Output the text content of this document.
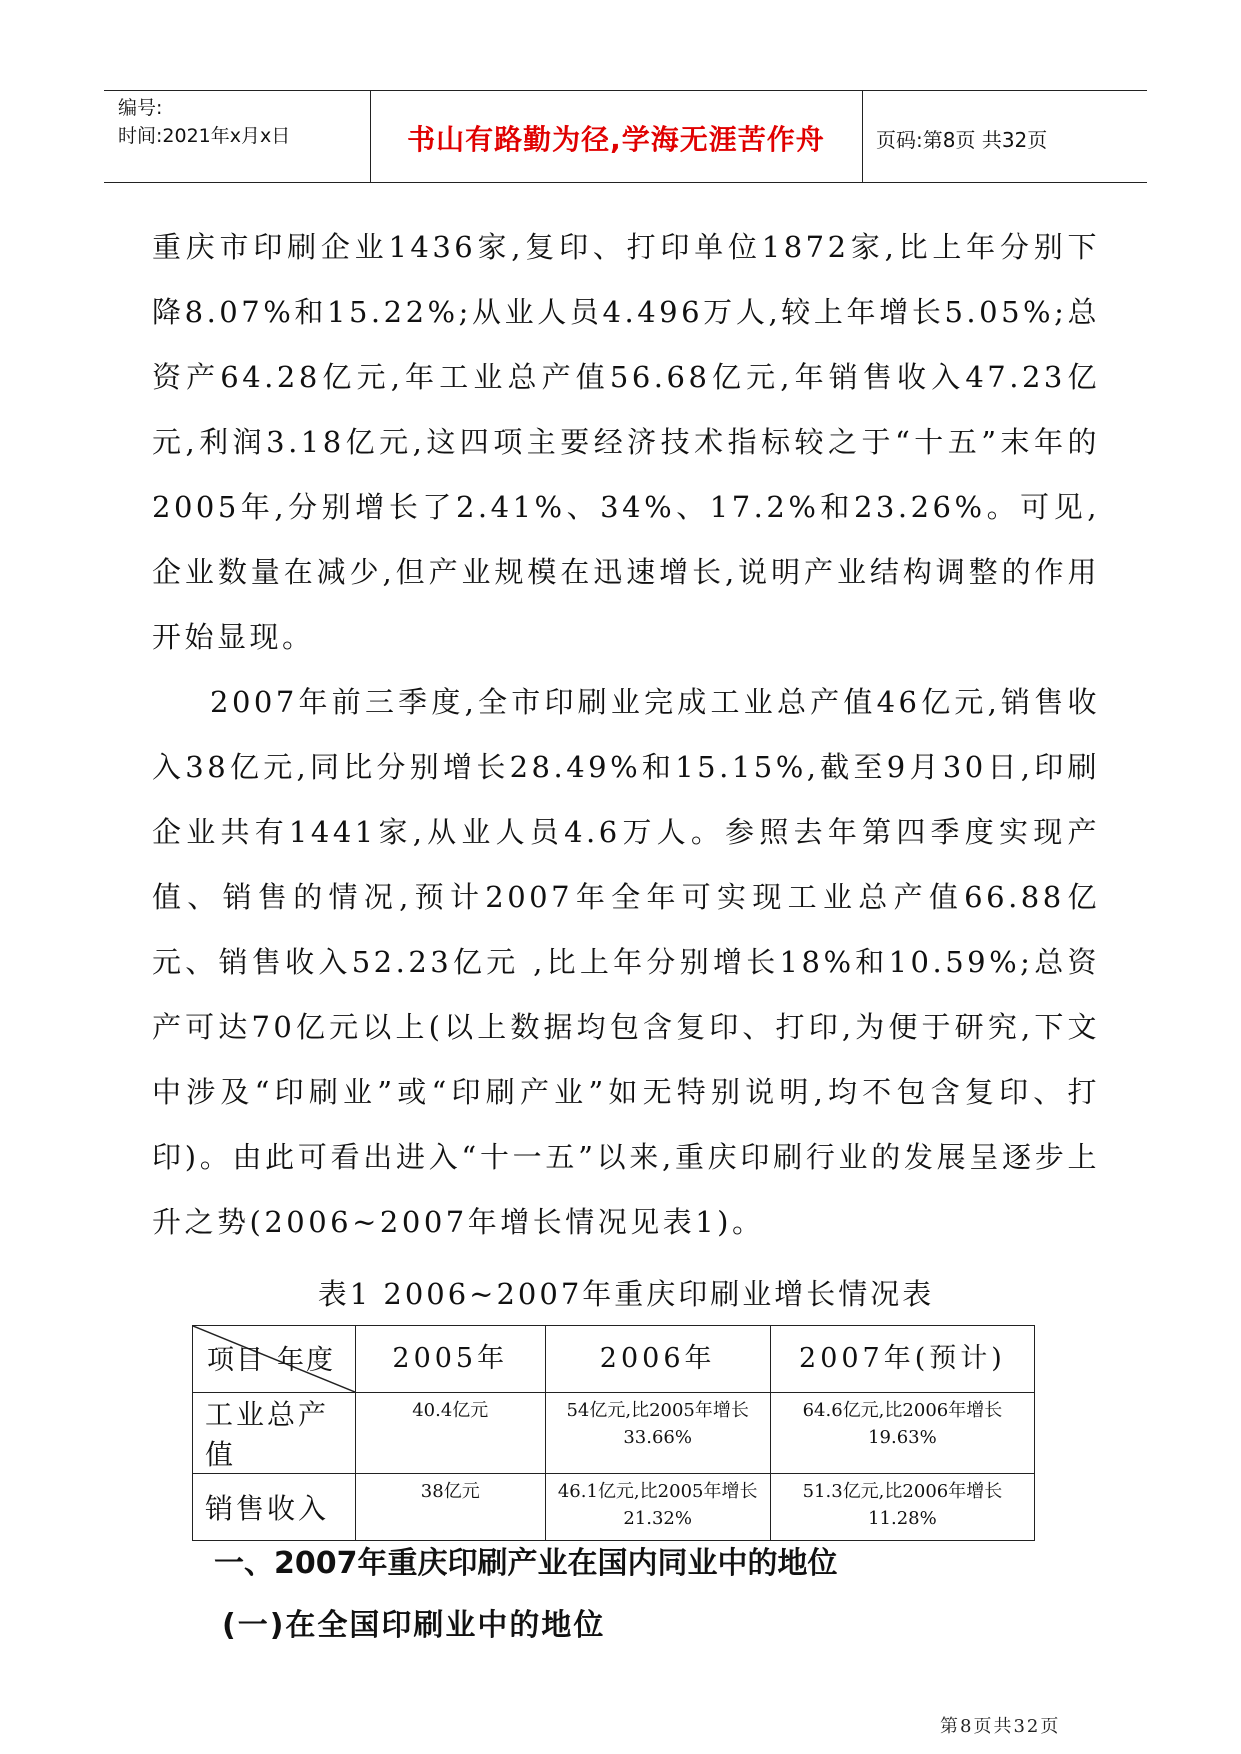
编号:
时间:2021年x月x日	书山有路勤为径,学海无涯苦作舟	页码:第8页 共32页

重庆市印刷企业1436家,复印、打印单位1872家,比上年分别下降8.07%和15.22%;从业人员4.496万人,较上年增长5.05%;总资产64.28亿元,年工业总产值56.68亿元,年销售收入47.23亿元,利润3.18亿元,这四项主要经济技术指标较之于“十五”末年的2005年,分别增长了2.41%、34%、17.2%和23.26%。可见,企业数量在减少,但产业规模在迅速增长,说明产业结构调整的作用开始显现。

2007年前三季度,全市印刷业完成工业总产值46亿元,销售收入38亿元,同比分别增长28.49%和15.15%,截至9月30日,印刷企业共有1441家,从业人员4.6万人。参照去年第四季度实现产值、销售的情况,预计2007年全年可实现工业总产值66.88亿元、销售收入52.23亿元 ,比上年分别增长18%和10.59%;总资产可达70亿元以上(以上数据均包含复印、打印,为便于研究,下文中涉及“印刷业”或“印刷产业”如无特别说明,均不包含复印、打印)。由此可看出进入“十一五”以来,重庆印刷行业的发展呈逐步上升之势(2006~2007年增长情况见表1)。

表1 2006~2007年重庆印刷业增长情况表
项目 年度	2005年	2006年	2007年(预计)
工业总产值	40.4亿元	54亿元,比2005年增长33.66%	64.6亿元,比2006年增长19.63%
销售收入	38亿元	46.1亿元,比2005年增长21.32%	51.3亿元,比2006年增长11.28%
一、2007年重庆印刷产业在国内同业中的地位
(一)在全国印刷业中的地位
第8页共32页
